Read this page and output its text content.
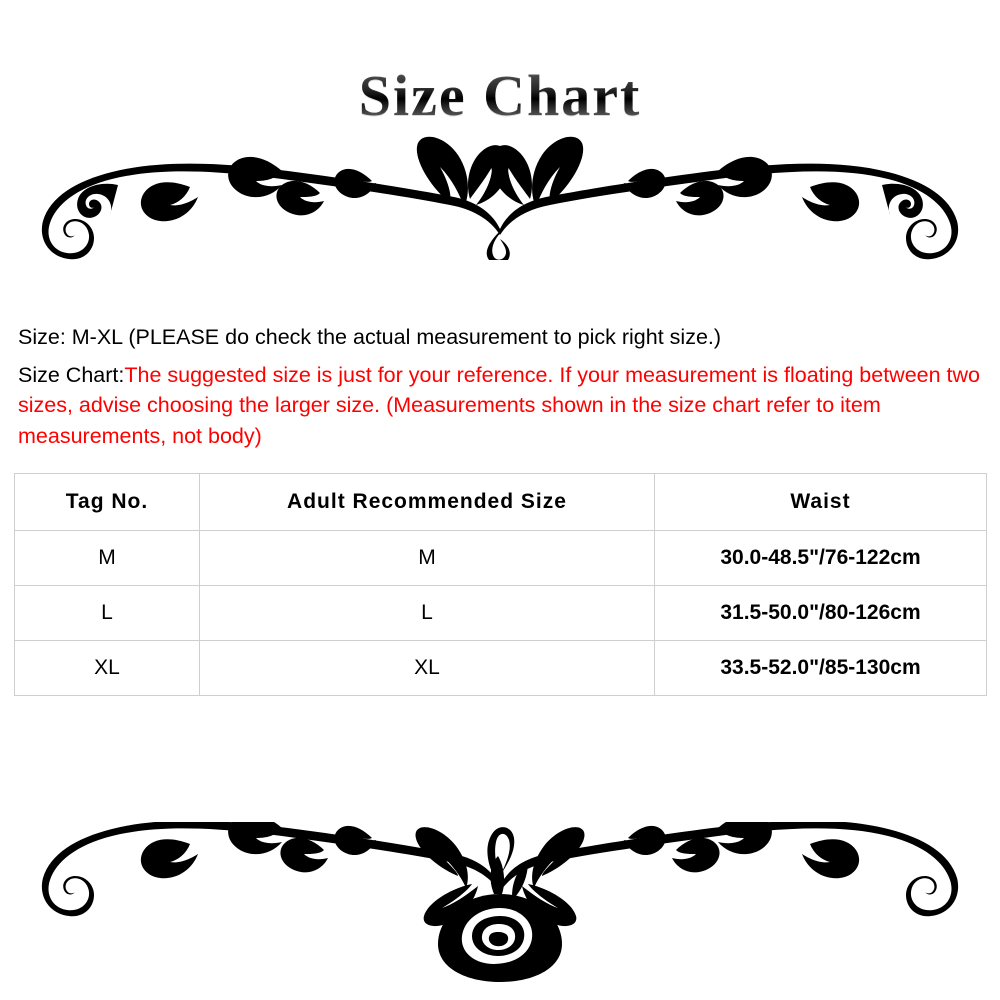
Size Chart
Size: M-XL (PLEASE do check the actual measurement to pick right size.)
Size Chart:The suggested size is just for your reference. If your measurement is floating between two sizes, advise choosing the larger size. (Measurements shown in the size chart refer to item measurements, not body)
Tag No.	Adult Recommended Size	Waist
M	M	30.0-48.5"/76-122cm
L	L	31.5-50.0"/80-126cm
XL	XL	33.5-52.0"/85-130cm
